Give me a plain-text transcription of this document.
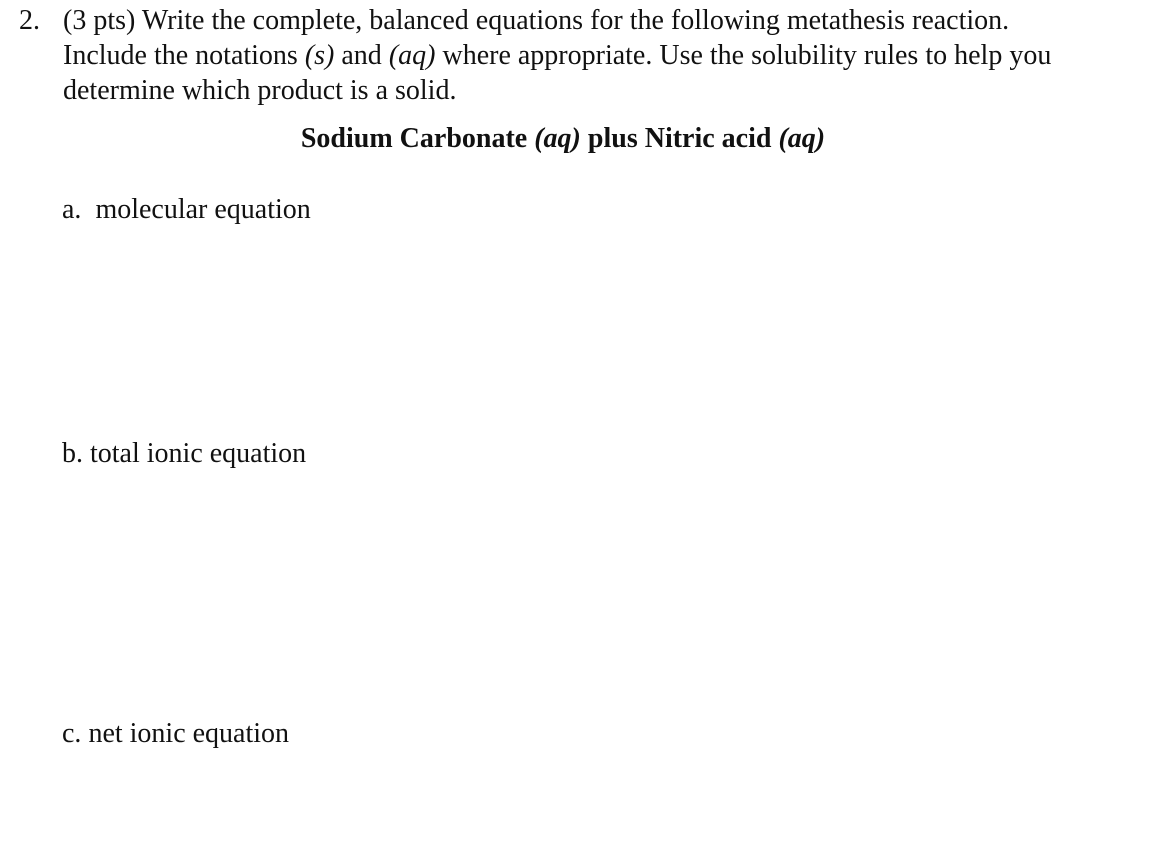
2. (3 pts) Write the complete, balanced equations for the following metathesis reaction.
Include the notations (s) and (aq) where appropriate. Use the solubility rules to help you
determine which product is a solid.
Sodium Carbonate (aq) plus Nitric acid (aq)
a. molecular equation
b. total ionic equation
c. net ionic equation
